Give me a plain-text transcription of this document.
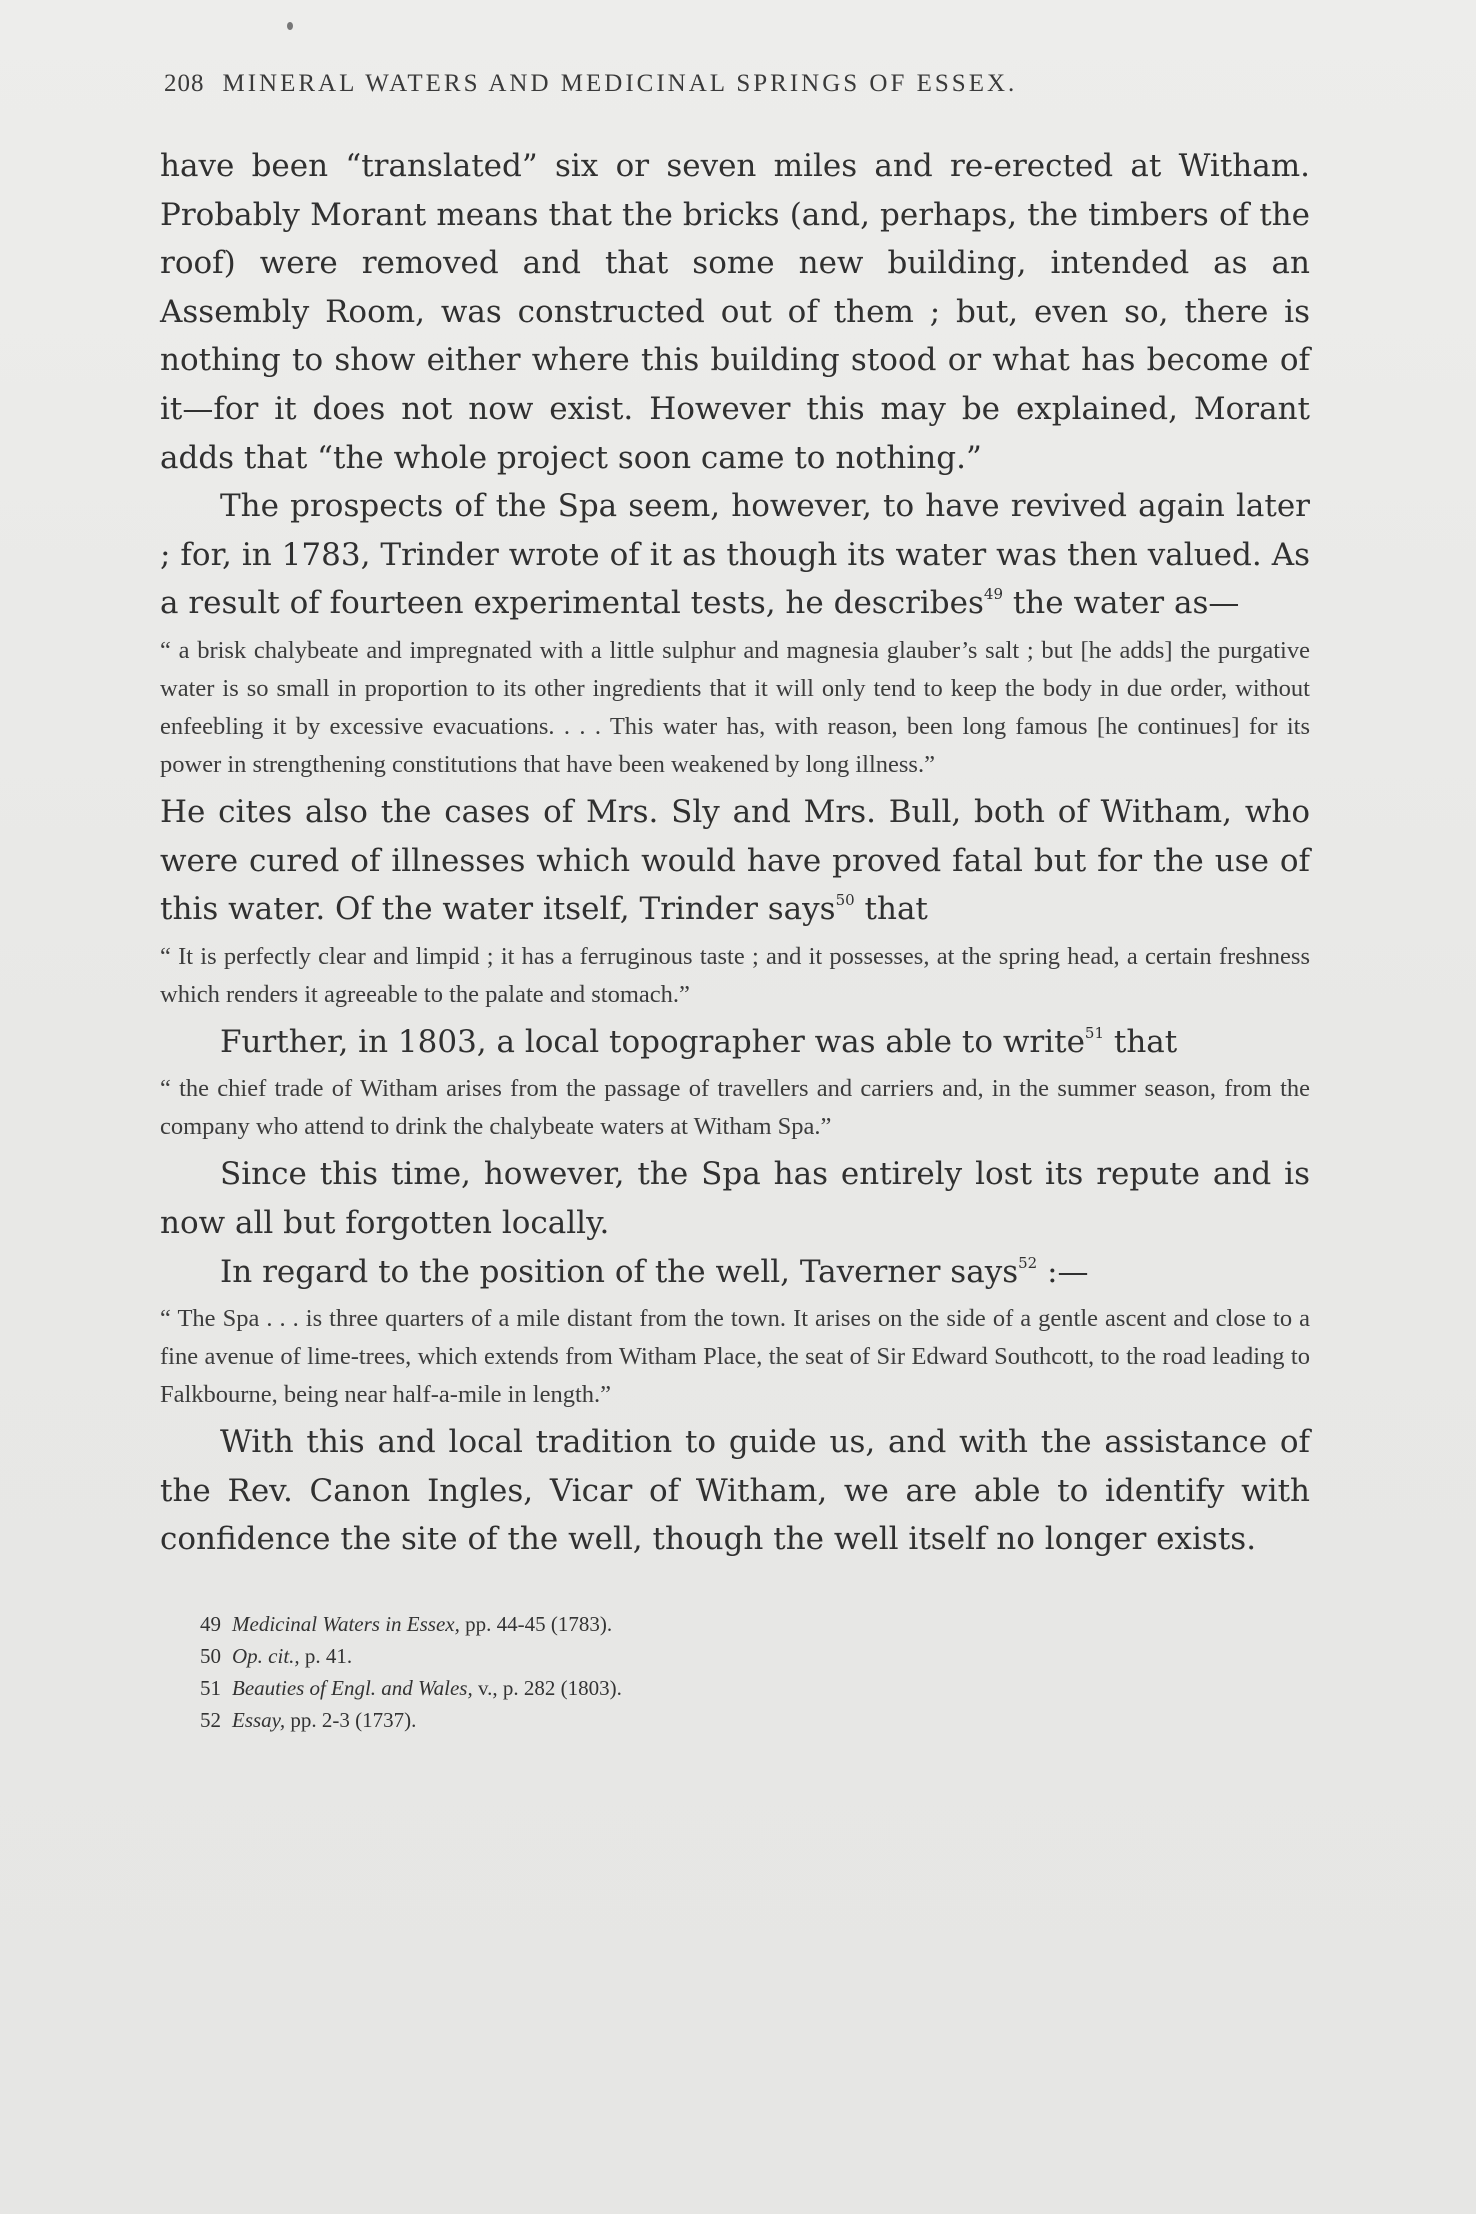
208 MINERAL WATERS AND MEDICINAL SPRINGS OF ESSEX.

have been “translated” six or seven miles and re-erected at Witham. Probably Morant means that the bricks (and, perhaps, the timbers of the roof) were removed and that some new building, intended as an Assembly Room, was constructed out of them ; but, even so, there is nothing to show either where this building stood or what has become of it—for it does not now exist. However this may be explained, Morant adds that “the whole project soon came to nothing.”

The prospects of the Spa seem, however, to have revived again later ; for, in 1783, Trinder wrote of it as though its water was then valued. As a result of fourteen experimental tests, he describes$^{49}$ the water as—

“ a brisk chalybeate and impregnated with a little sulphur and magnesia glauber’s salt ; but [he adds] the purgative water is so small in proportion to its other ingredients that it will only tend to keep the body in due order, without enfeebling it by excessive evacuations. . . . This water has, with reason, been long famous [he continues] for its power in strengthening constitutions that have been weakened by long illness.”

He cites also the cases of Mrs. Sly and Mrs. Bull, both of Witham, who were cured of illnesses which would have proved fatal but for the use of this water. Of the water itself, Trinder says$^{50}$ that

“ It is perfectly clear and limpid ; it has a ferruginous taste ; and it possesses, at the spring head, a certain freshness which renders it agreeable to the palate and stomach.”

Further, in 1803, a local topographer was able to write$^{51}$ that

“ the chief trade of Witham arises from the passage of travellers and carriers and, in the summer season, from the company who attend to drink the chalybeate waters at Witham Spa.”

Since this time, however, the Spa has entirely lost its repute and is now all but forgotten locally.

In regard to the position of the well, Taverner says$^{52}$ :—

“ The Spa . . . is three quarters of a mile distant from the town. It arises on the side of a gentle ascent and close to a fine avenue of lime-trees, which extends from Witham Place, the seat of Sir Edward Southcott, to the road leading to Falkbourne, being near half-a-mile in length.”

With this and local tradition to guide us, and with the assistance of the Rev. Canon Ingles, Vicar of Witham, we are able to identify with confidence the site of the well, though the well itself no longer exists.

49 Medicinal Waters in Essex, pp. 44-45 (1783).
50 Op. cit., p. 41.
51 Beauties of Engl. and Wales, v., p. 282 (1803).
52 Essay, pp. 2-3 (1737).
